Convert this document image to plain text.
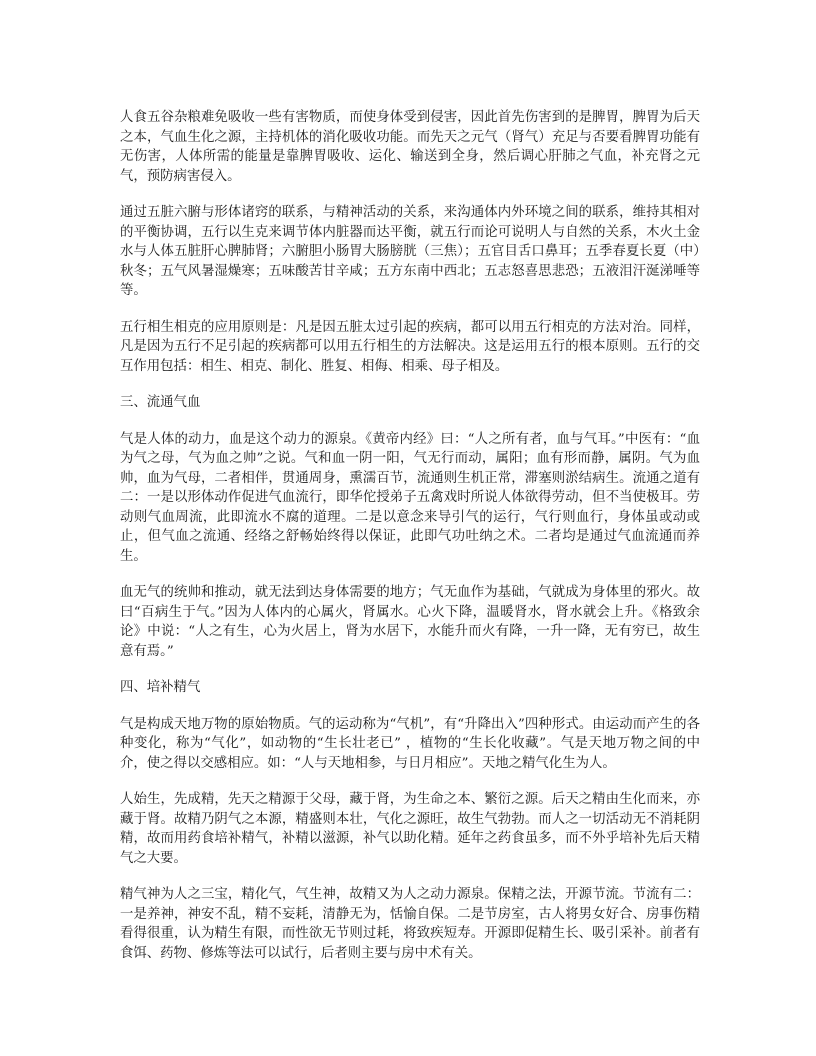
人食五谷杂粮难免吸收一些有害物质，而使身体受到侵害，因此首先伤害到的是脾胃，脾胃为后天之本，气血生化之源，主持机体的消化吸收功能。而先天之元气（肾气）充足与否要看脾胃功能有无伤害，人体所需的能量是靠脾胃吸收、运化、输送到全身，然后调心肝肺之气血，补充肾之元气，预防病害侵入。

通过五脏六腑与形体诸窍的联系，与精神活动的关系，来沟通体内外环境之间的联系，维持其相对的平衡协调，五行以生克来调节体内脏器而达平衡，就五行而论可说明人与自然的关系，木火土金水与人体五脏肝心脾肺肾；六腑胆小肠胃大肠膀胱（三焦）；五官目舌口鼻耳；五季春夏长夏（中）秋冬；五气风暑湿燥寒；五味酸苦甘辛咸；五方东南中西北；五志怒喜思悲恐；五液泪汗涎涕唾等等。

五行相生相克的应用原则是：凡是因五脏太过引起的疾病，都可以用五行相克的方法对治。同样，凡是因为五行不足引起的疾病都可以用五行相生的方法解决。这是运用五行的根本原则。五行的交互作用包括：相生、相克、制化、胜复、相侮、相乘、母子相及。

三、流通气血

气是人体的动力，血是这个动力的源泉。《黄帝内经》曰：“人之所有者，血与气耳。”中医有：“血为气之母，气为血之帅”之说。气和血一阴一阳，气无行而动，属阳；血有形而静，属阴。气为血帅，血为气母，二者相伴，贯通周身，熏濡百节，流通则生机正常，滞塞则淤结病生。流通之道有二：一是以形体动作促进气血流行，即华佗授弟子五禽戏时所说人体欲得劳动，但不当使极耳。劳动则气血周流，此即流水不腐的道理。二是以意念来导引气的运行，气行则血行，身体虽或动或止，但气血之流通、经络之舒畅始终得以保证，此即气功吐纳之术。二者均是通过气血流通而养生。

血无气的统帅和推动，就无法到达身体需要的地方；气无血作为基础，气就成为身体里的邪火。故曰“百病生于气。”因为人体内的心属火，肾属水。心火下降，温暖肾水，肾水就会上升。《格致余论》中说：“人之有生，心为火居上，肾为水居下，水能升而火有降，一升一降，无有穷已，故生意有焉。”

四、培补精气

气是构成天地万物的原始物质。气的运动称为“气机”，有“升降出入”四种形式。由运动而产生的各种变化，称为“气化”，如动物的“生长壮老已” ，植物的“生长化收藏”。气是天地万物之间的中介，使之得以交感相应。如：“人与天地相参，与日月相应”。天地之精气化生为人。

人始生，先成精，先天之精源于父母，藏于肾，为生命之本、繁衍之源。后天之精由生化而来，亦藏于肾。故精乃阴气之本源，精盛则本壮，气化之源旺，故生气勃勃。而人之一切活动无不消耗阴精，故而用药食培补精气，补精以滋源，补气以助化精。延年之药食虽多，而不外乎培补先后天精气之大要。

精气神为人之三宝，精化气，气生神，故精又为人之动力源泉。保精之法，开源节流。节流有二：一是养神，神安不乱，精不妄耗，清静无为，恬愉自保。二是节房室，古人将男女好合、房事伤精看得很重，认为精生有限，而性欲无节则过耗，将致疾短寿。开源即促精生长、吸引采补。前者有食饵、药物、修炼等法可以试行，后者则主要与房中术有关。
